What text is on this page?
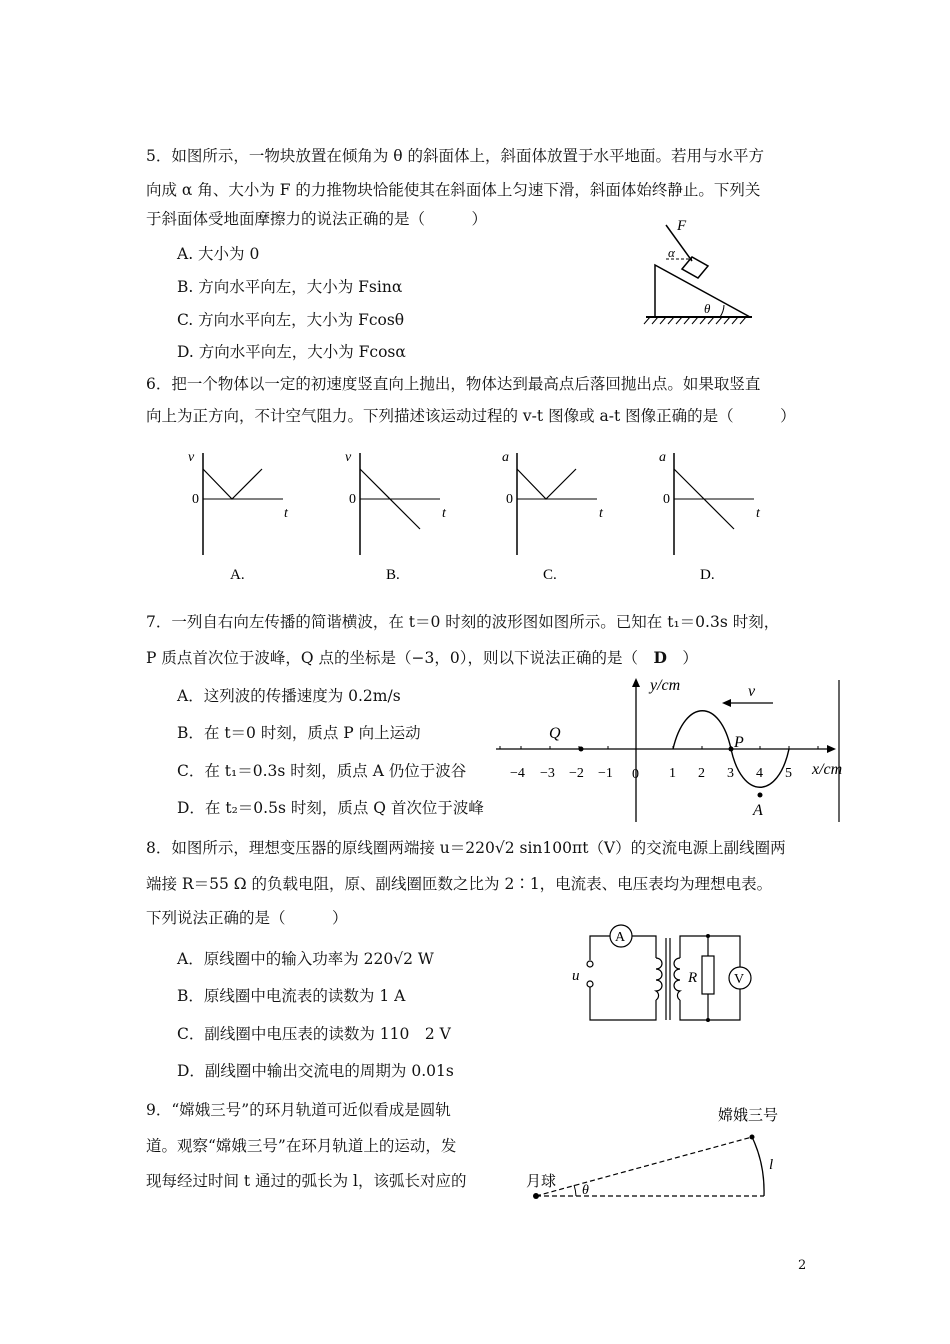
5．如图所示，一物块放置在倾角为 θ 的斜面体上，斜面体放置于水平地面。若用与水平方
向成 α 角、大小为 F 的力推物块恰能使其在斜面体上匀速下滑，斜面体始终静止。下列关
于斜面体受地面摩擦力的说法正确的是（　　　）
A. 大小为 0
B. 方向水平向左，大小为 Fsinα
C. 方向水平向左，大小为 Fcosθ
D. 方向水平向左，大小为 Fcosα
F
α
θ
6．把一个物体以一定的初速度竖直向上抛出，物体达到最高点后落回抛出点。如果取竖直
向上为正方向，不计空气阻力。下列描述该运动过程的 v-t 图像或 a-t 图像正确的是（　　　）
v
0
t
A.
v
0
t
B.
a
0
t
C.
a
0
t
D.
7．一列自右向左传播的简谐横波，在 t＝0 时刻的波形图如图所示。已知在 t₁＝0.3s 时刻，
P 质点首次位于波峰，Q 点的坐标是（−3，0），则以下说法正确的是（　D　）
A．这列波的传播速度为 0.2m/s
B．在 t＝0 时刻，质点 P 向上运动
C．在 t₁＝0.3s 时刻，质点 A 仍位于波谷
D．在 t₂＝0.5s 时刻，质点 Q 首次位于波峰
−4 −3 −2 −1 0 1 2 3 4 5
y/cm
x/cm
Q
P
A
v
8．如图所示，理想变压器的原线圈两端接 u＝220√2 sin100πt（V）的交流电源上副线圈两
端接 R＝55 Ω 的负载电阻，原、副线圈匝数之比为 2∶1，电流表、电压表均为理想电表。
下列说法正确的是（　　　）
A．原线圈中的输入功率为 220√2 W
B．原线圈中电流表的读数为 1 A
C．副线圈中电压表的读数为 110　2 V
D．副线圈中输出交流电的周期为 0.01s
A
V
R
u
9．“嫦娥三号”的环月轨道可近似看成是圆轨
道。观察“嫦娥三号”在环月轨道上的运动，发
现每经过时间 t 通过的弧长为 l，该弧长对应的
嫦娥三号
月球
θ
l
2
